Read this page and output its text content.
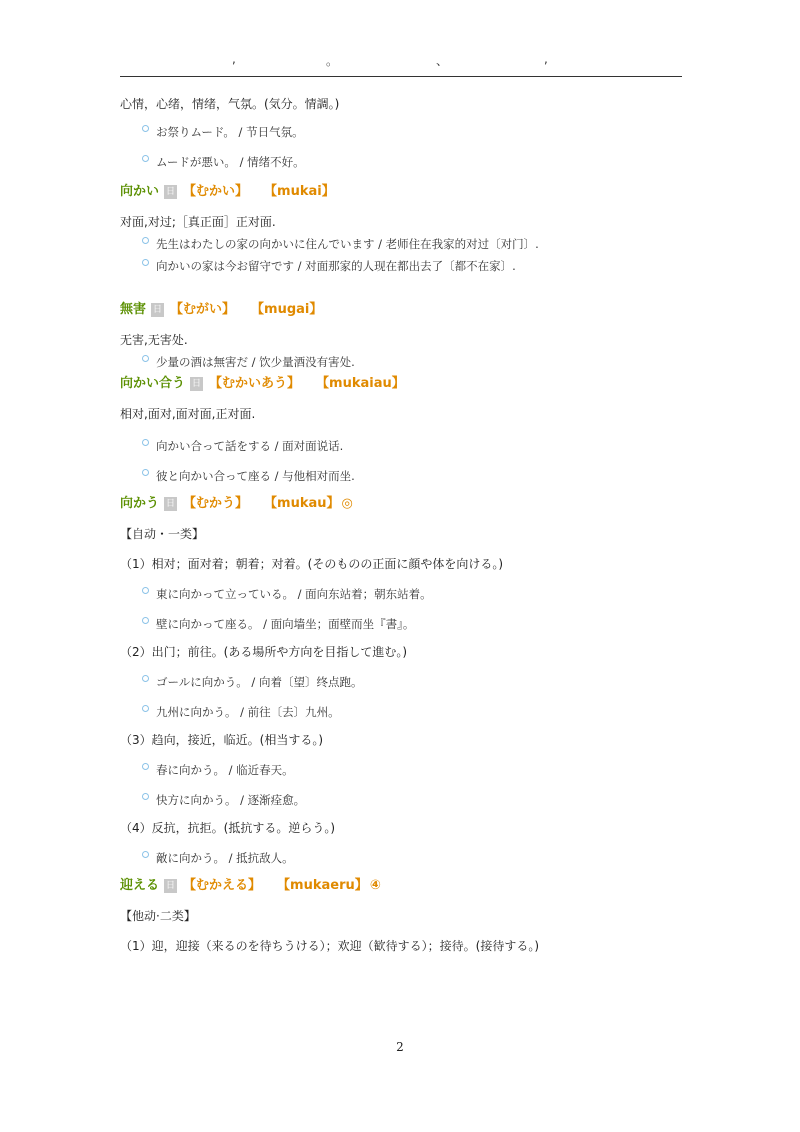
,	。	、	,

心情，心绪，情绪，气氛。(気分。情調。)

お祭りムード。 / 节日气氛。
ムードが悪い。 / 情绪不好。
向かい 日 【むかい】 【mukai】

对面,对过;［真正面］正对面.

先生はわたしの家の向かいに住んでいます / 老师住在我家的对过〔对门〕.
向かいの家は今お留守です / 对面那家的人现在都出去了〔都不在家〕.
無害 日 【むがい】 【mugai】

无害,无害处.

少量の酒は無害だ / 饮少量酒没有害处.
向かい合う 日 【むかいあう】 【mukaiau】

相对,面对,面对面,正对面.

向かい合って話をする / 面对面说话.
彼と向かい合って座る / 与他相对而坐.
向かう 日 【むかう】 【mukau】 ◎

【自动・一类】

（1）相对；面对着；朝着；对着。(そのものの正面に顔や体を向ける。)

東に向かって立っている。 / 面向东站着；朝东站着。
壁に向かって座る。 / 面向墙坐；面壁而坐『書』。

（2）出门；前往。(ある場所や方向を目指して進む。)

ゴールに向かう。 / 向着〔望〕终点跑。
九州に向かう。 / 前往〔去〕九州。

（3）趋向，接近，临近。(相当する。)

春に向かう。 / 临近春天。
快方に向かう。 / 逐渐痊愈。

（4）反抗，抗拒。(抵抗する。逆らう。)

敵に向かう。 / 抵抗敌人。
迎える 日 【むかえる】 【mukaeru】 ④

【他动·二类】

（1）迎，迎接（来るのを待ちうける）；欢迎（歓待する）；接待。(接待する。)

2
